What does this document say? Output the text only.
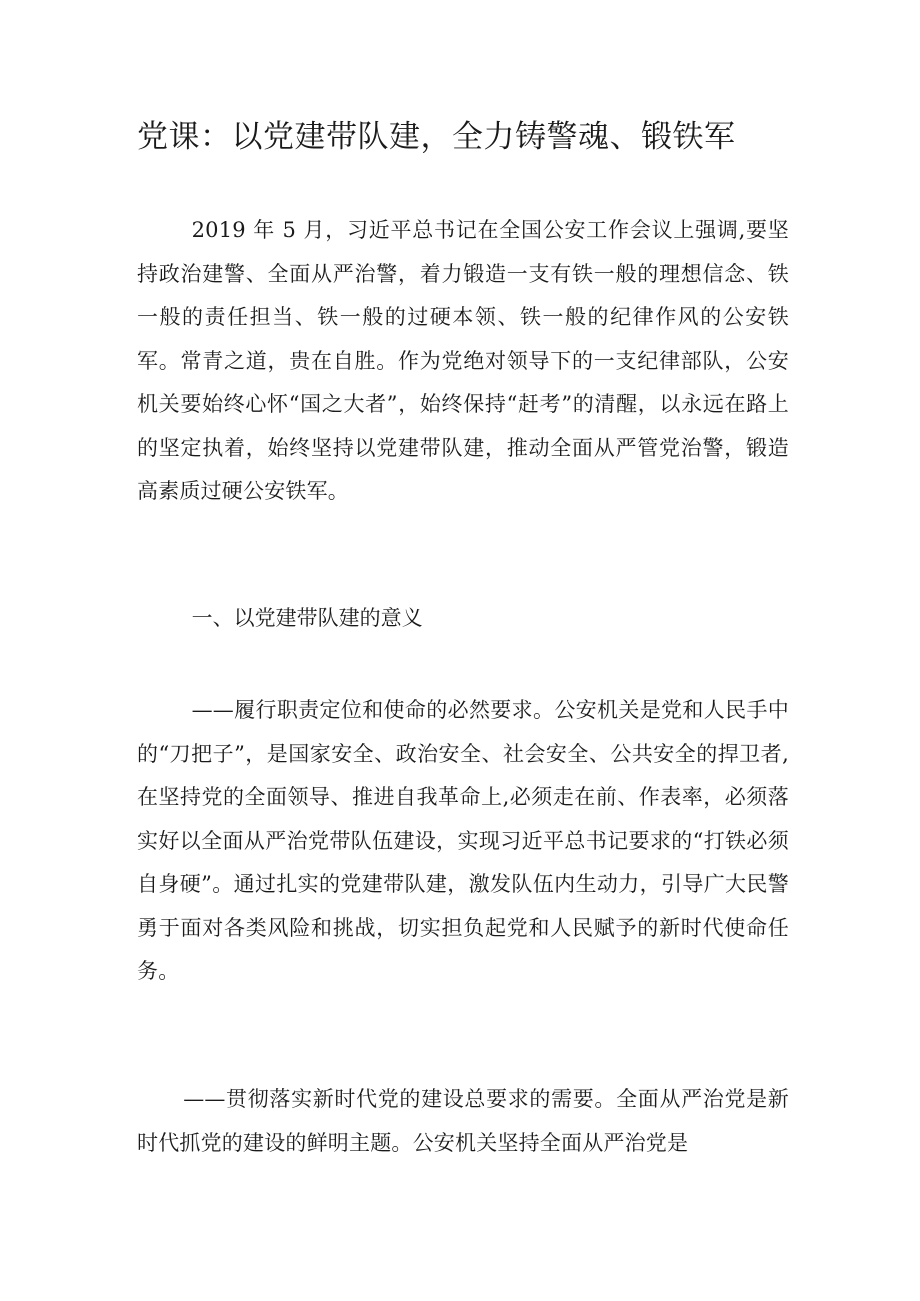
党课：以党建带队建，全力铸警魂、锻铁军

2019 年 5 月，习近平总书记在全国公安工作会议上强调,要坚持政治建警、全面从严治警，着力锻造一支有铁一般的理想信念、铁一般的责任担当、铁一般的过硬本领、铁一般的纪律作风的公安铁军。常青之道，贵在自胜。作为党绝对领导下的一支纪律部队，公安机关要始终心怀“国之大者”，始终保持“赶考”的清醒，以永远在路上的坚定执着，始终坚持以党建带队建，推动全面从严管党治警，锻造高素质过硬公安铁军。

一、以党建带队建的意义

——履行职责定位和使命的必然要求。公安机关是党和人民手中的“刀把子”，是国家安全、政治安全、社会安全、公共安全的捍卫者,在坚持党的全面领导、推进自我革命上,必须走在前、作表率，必须落实好以全面从严治党带队伍建设，实现习近平总书记要求的“打铁必须自身硬”。通过扎实的党建带队建，激发队伍内生动力，引导广大民警勇于面对各类风险和挑战，切实担负起党和人民赋予的新时代使命任务。

——贯彻落实新时代党的建设总要求的需要。全面从严治党是新时代抓党的建设的鲜明主题。公安机关坚持全面从严治党是
